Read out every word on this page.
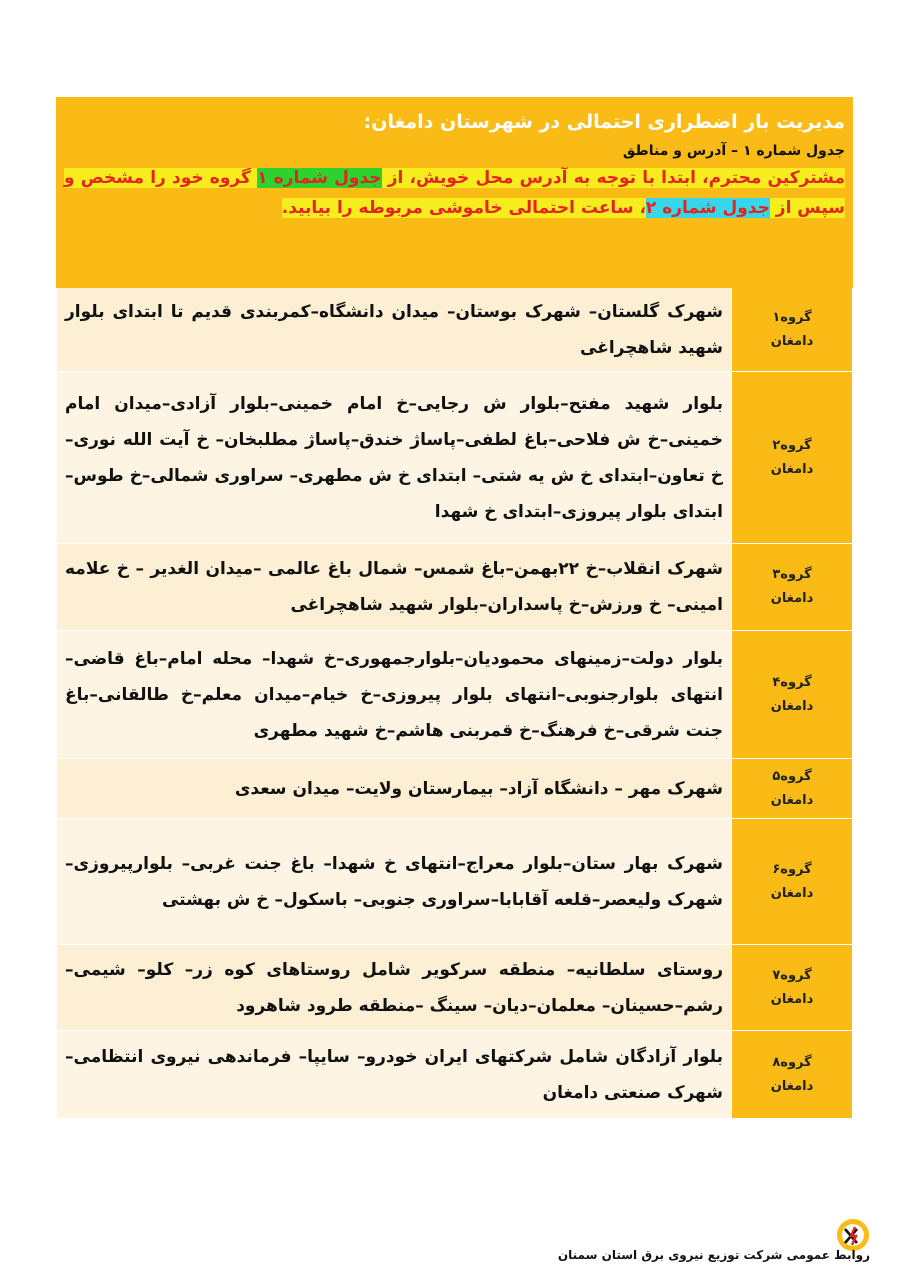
مدیریت بار اضطراری احتمالی در شهرستان دامغان:
جدول شماره ۱ – آدرس و مناطق
مشترکین محترم، ابتدا با توجه به آدرس محل خویش، از جدول شماره ۱ گروه خود را مشخص و سپس از جدول شماره ۲، ساعت احتمالی خاموشی مربوطه را بیابید.
گروه۱
دامغان	شهرک گلستان– شهرک بوستان– میدان دانشگاه–کمربندی قدیم تا ابتدای بلوار شهید شاهچراغی

گروه۲
دامغان	بلوار شهید مفتح–بلوار ش رجایی–خ امام خمینی–بلوار آزادی–میدان امام خمینی–خ ش فلاحی–باغ لطفی–پاساژ خندق–پاساژ مطلبخان– خ آیت الله نوری–خ تعاون–ابتدای خ ش یه شتی– ابتدای خ ش مطهری– سراوری شمالی–خ طوس–ابتدای بلوار پیروزی–ابتدای خ شهدا

گروه۳
دامغان	شهرک انقلاب–خ ۲۲بهمن–باغ شمس– شمال باغ عالمی –میدان الغدیر – خ علامه امینی– خ ورزش–خ پاسداران–بلوار شهید شاهچراغی

گروه۴
دامغان	بلوار دولت–زمینهای محمودیان–بلوارجمهوری–خ شهدا– محله امام–باغ قاضی–انتهای بلوارجنوبی–انتهای بلوار پیروزی–خ خیام–میدان معلم–خ طالقانی–باغ جنت شرقی–خ فرهنگ–خ قمربنی هاشم–خ شهید مطهری

گروه۵
دامغان	شهرک مهر – دانشگاه آزاد– بیمارستان ولایت– میدان سعدی

گروه۶
دامغان	شهرک بهار ستان–بلوار معراج–انتهای خ شهدا– باغ جنت غربی– بلوارپیروزی–شهرک ولیعصر–قلعه آقابابا–سراوری جنوبی– باسکول– خ ش بهشتی

گروه۷
دامغان	روستای سلطانیه– منطقه سرکویر شامل روستاهای کوه زر– کلو– شیمی– رشم–حسینان– معلمان–دیان– سینگ –منطقه طرود شاهرود

گروه۸
دامغان	بلوار آزادگان شامل شرکتهای ایران خودرو– سایپا– فرماندهی نیروی انتظامی– شهرک صنعتی دامغان
روابط عمومی شرکت توزیع نیروی برق استان سمنان
